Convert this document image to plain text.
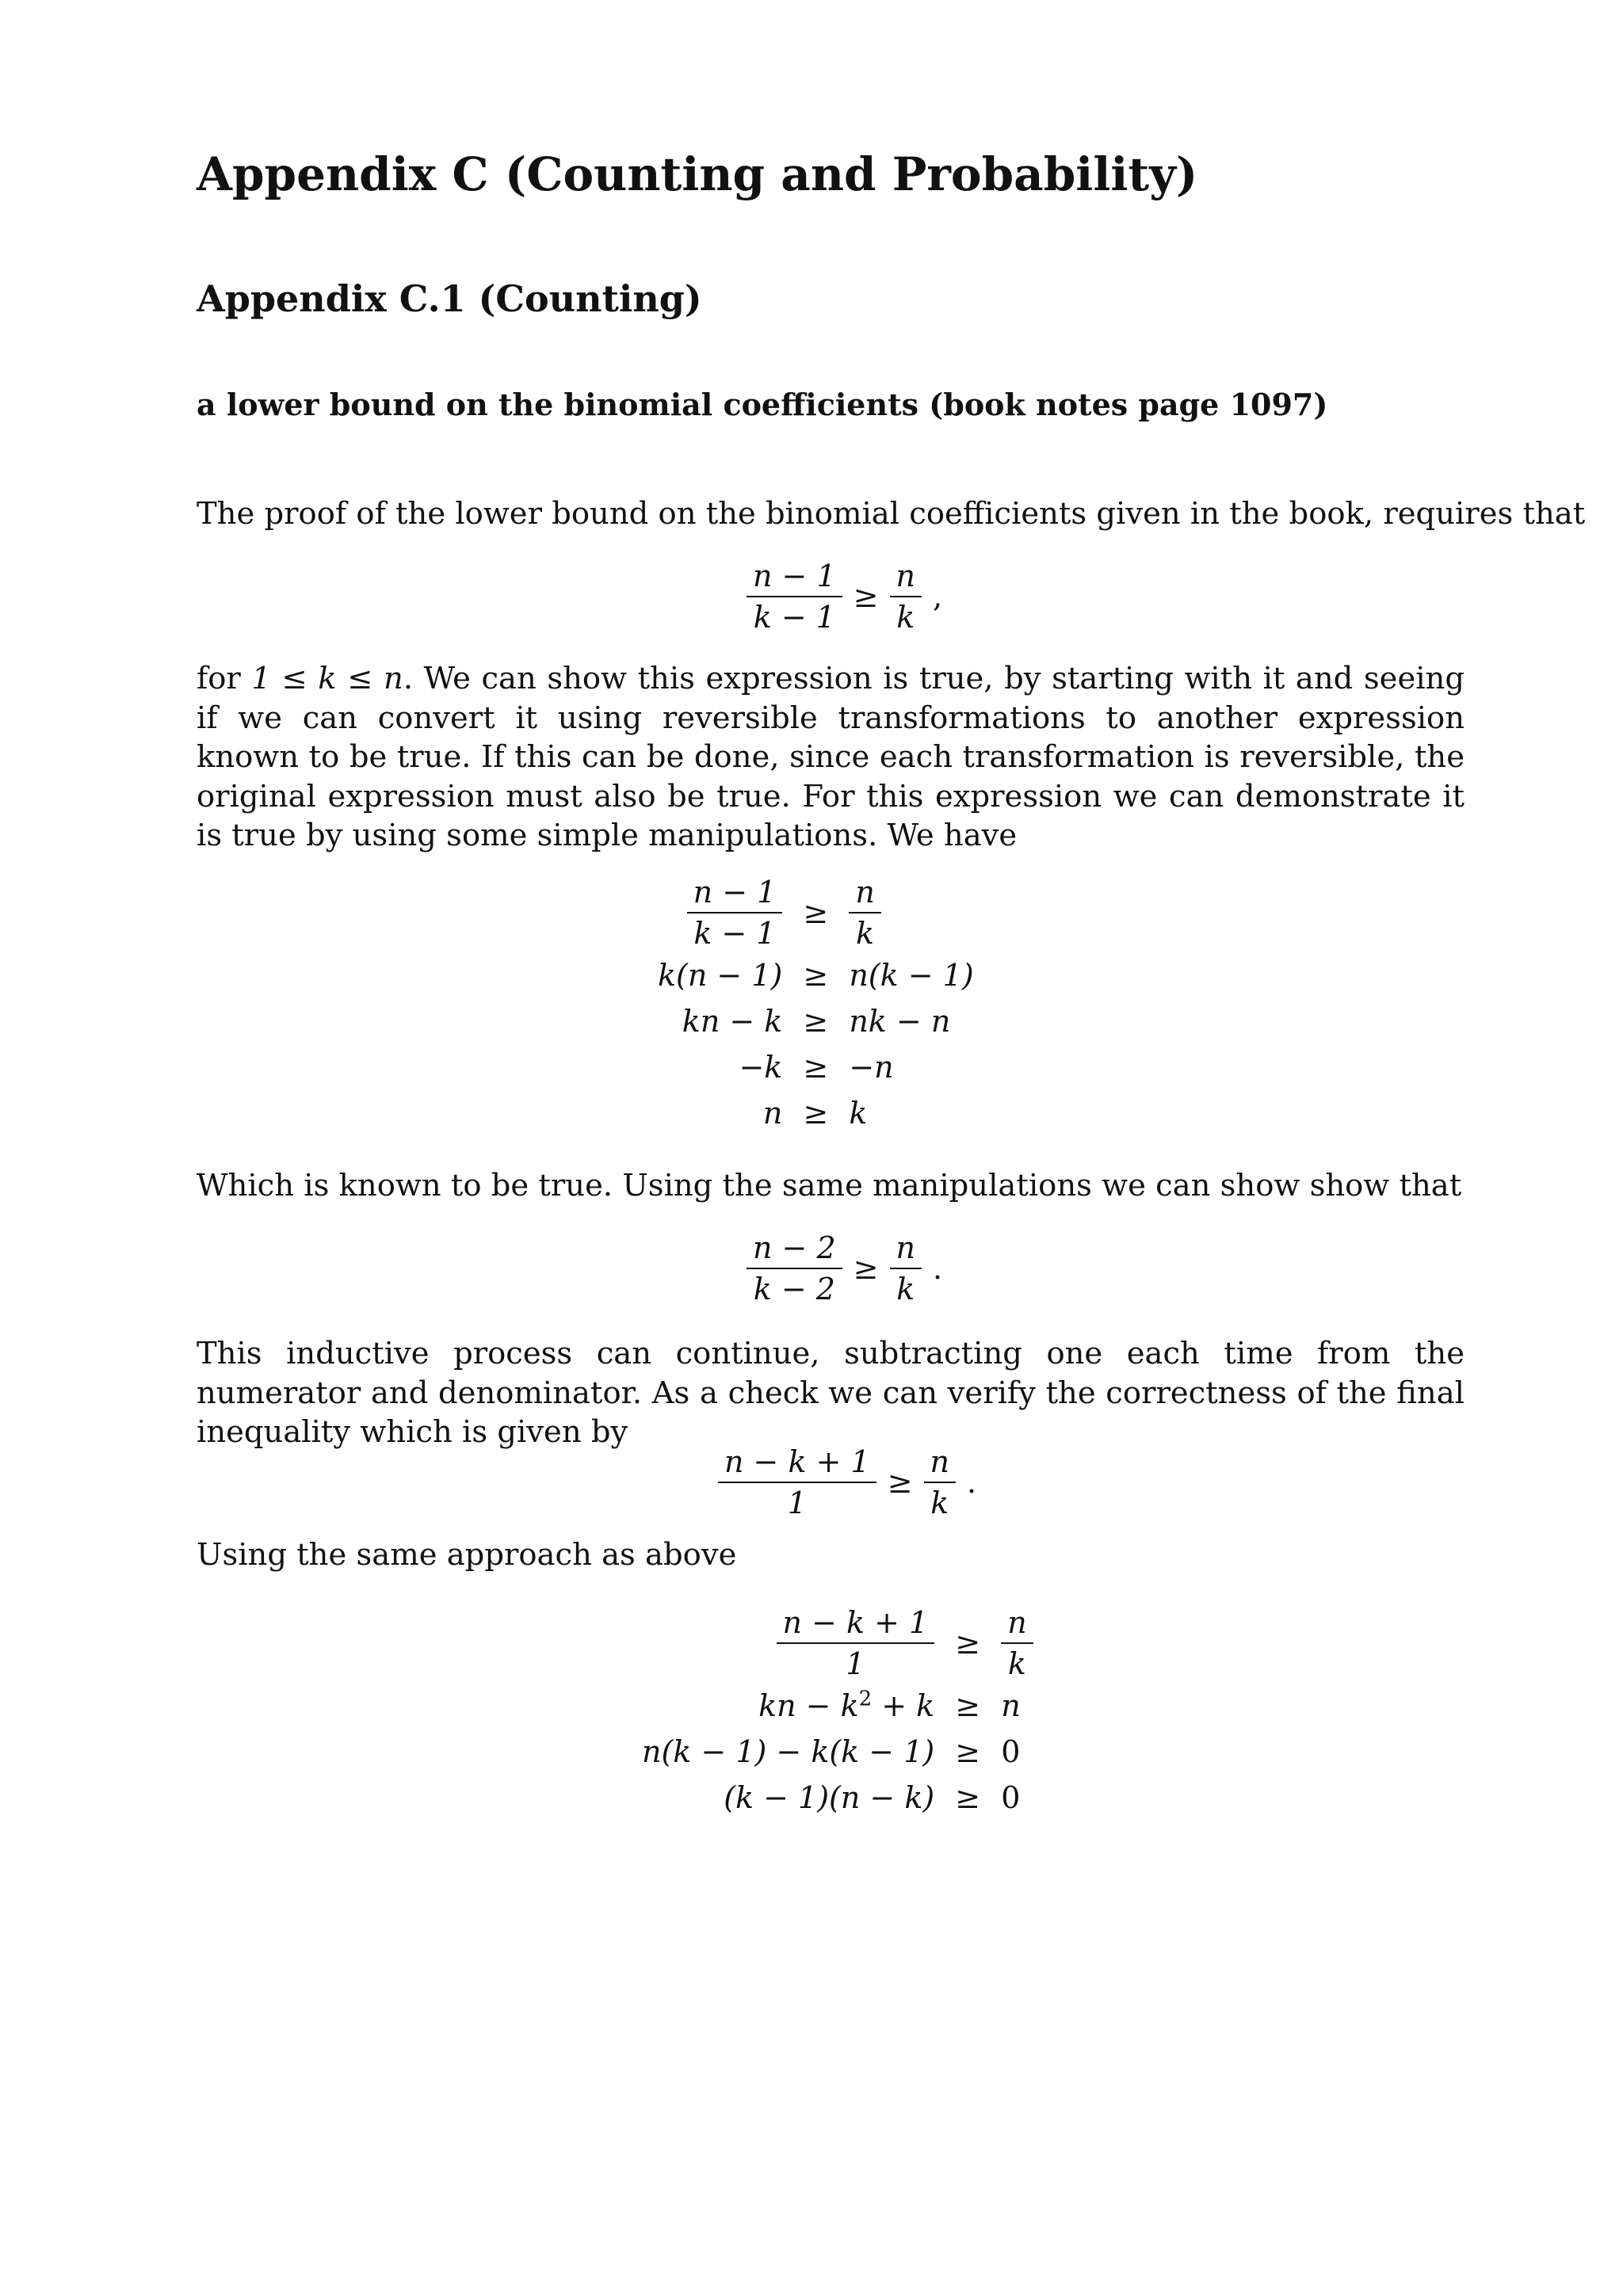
Appendix C (Counting and Probability)
Appendix C.1 (Counting)
a lower bound on the binomial coefficients (book notes page 1097)

The proof of the lower bound on the binomial coefficients given in the book, requires that

$\frac{n - 1}{k - 1} \ge \frac{n}{k}$ ,

for 1 ≤ k ≤ n. We can show this expression is true, by starting with it and seeing if we can convert it using reversible transformations to another expression known to be true. If this can be done, since each transformation is reversible, the original expression must also be true. For this expression we can demonstrate it is true by using some simple manipulations. We have

$\frac{n - 1}{k - 1}$	≥	$\frac{n}{k}$

k(n − 1)	≥	n(k − 1)
kn − k	≥	nk − n
−k	≥	−n
n	≥	k

Which is known to be true. Using the same manipulations we can show show that

$\frac{n - 2}{k - 2} \ge \frac{n}{k}$ .

This inductive process can continue, subtracting one each time from the numerator and denominator. As a check we can verify the correctness of the final inequality which is given by

$\frac{n - k + 1}{1} \ge \frac{n}{k}$ .

Using the same approach as above

$\frac{n - k + 1}{1}$	≥	$\frac{n}{k}$

kn − $k^2 + k$	≥	n
n(k − 1) − k(k − 1)	≥	0
(k − 1)(n − k)	≥	0
